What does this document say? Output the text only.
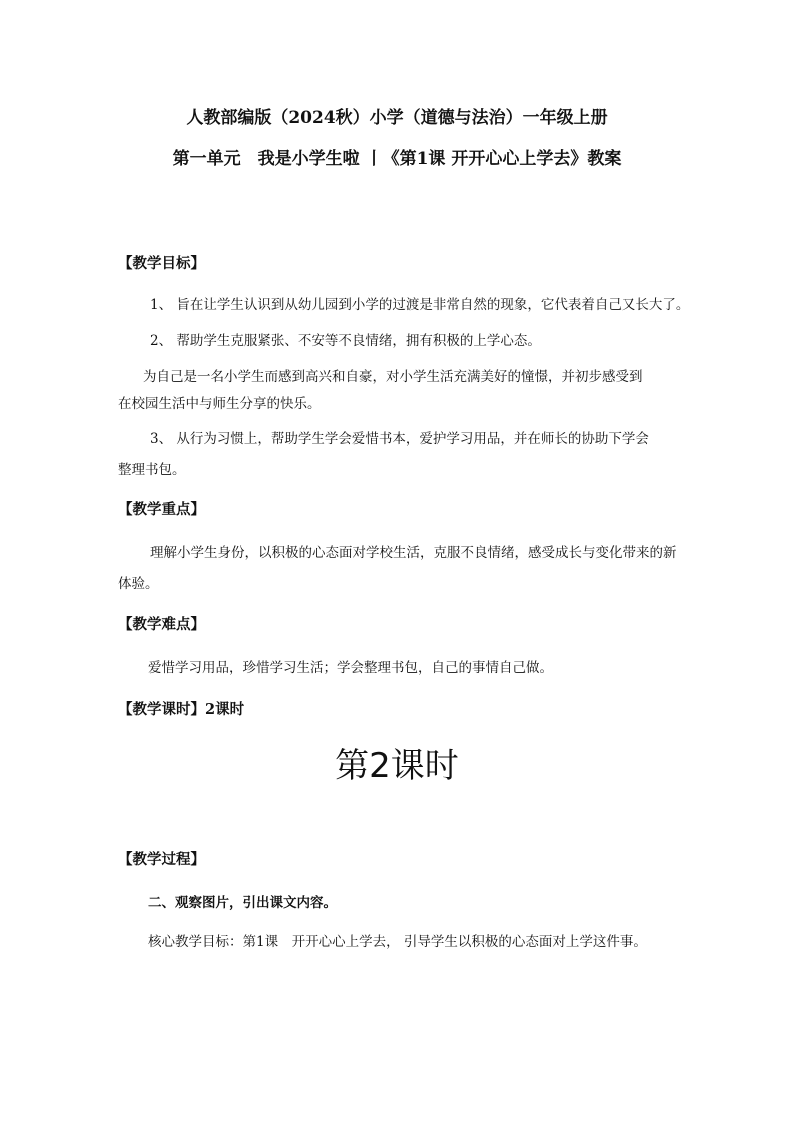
人教部编版（2024秋）小学（道德与法治）一年级上册
第一单元　我是小学生啦 丨《第1课 开开心心上学去》教案
【教学目标】
1、 旨在让学生认识到从幼儿园到小学的过渡是非常自然的现象，它代表着自己又长大了。
2、 帮助学生克服紧张、不安等不良情绪，拥有积极的上学心态。
为自己是一名小学生而感到高兴和自豪，对小学生活充满美好的憧憬，并初步感受到
在校园生活中与师生分享的快乐。
3、 从行为习惯上，帮助学生学会爱惜书本，爱护学习用品，并在师长的协助下学会
整理书包。
【教学重点】
理解小学生身份，以积极的心态面对学校生活，克服不良情绪，感受成长与变化带来的新
体验。
【教学难点】
爱惜学习用品，珍惜学习生活；学会整理书包，自己的事情自己做。
【教学课时】2课时
第2课时
【教学过程】
二、观察图片，引出课文内容。
核心教学目标：第1课　开开心心上学去， 引导学生以积极的心态面对上学这件事。
